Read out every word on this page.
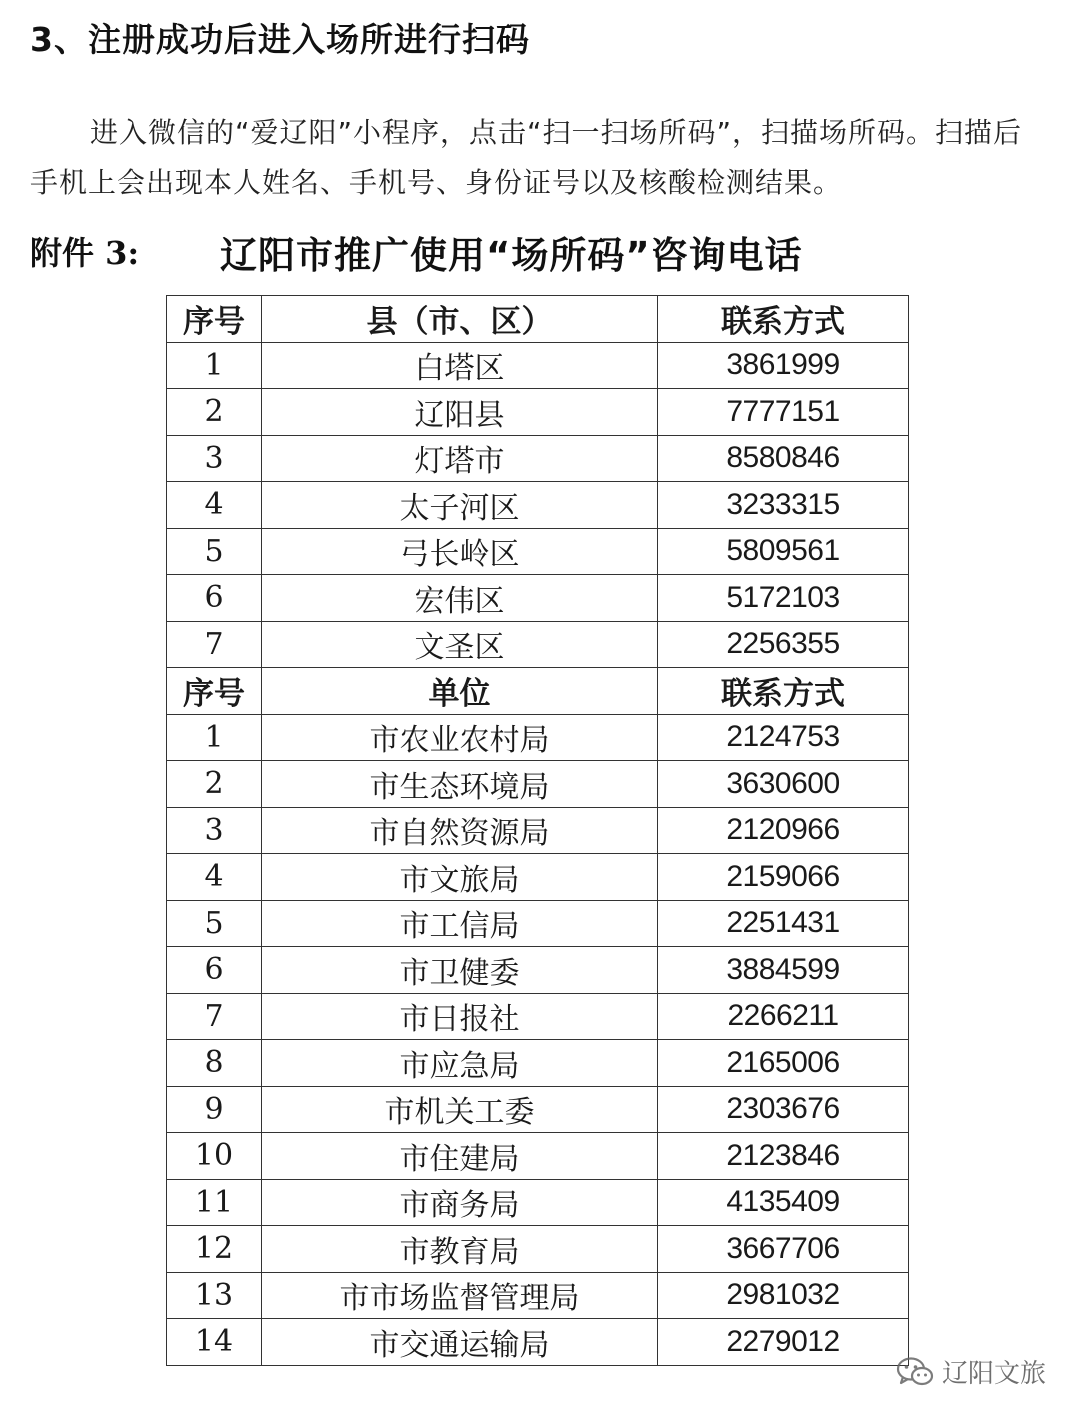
3、注册成功后进入场所进行扫码

进入微信的“爱辽阳”小程序，点击“扫一扫场所码”，扫描场所码。扫描后手机上会出现本人姓名、手机号、身份证号以及核酸检测结果。

附件 3: 辽阳市推广使用“场所码”咨询电话
序号	县（市、区）	联系方式
1	白塔区	3861999
2	辽阳县	7777151
3	灯塔市	8580846
4	太子河区	3233315
5	弓长岭区	5809561
6	宏伟区	5172103
7	文圣区	2256355
序号	单位	联系方式
1	市农业农村局	2124753
2	市生态环境局	3630600
3	市自然资源局	2120966
4	市文旅局	2159066
5	市工信局	2251431
6	市卫健委	3884599
7	市日报社	2266211
8	市应急局	2165006
9	市机关工委	2303676
10	市住建局	2123846
11	市商务局	4135409
12	市教育局	3667706
13	市市场监督管理局	2981032
14	市交通运输局	2279012
辽阳文旅
